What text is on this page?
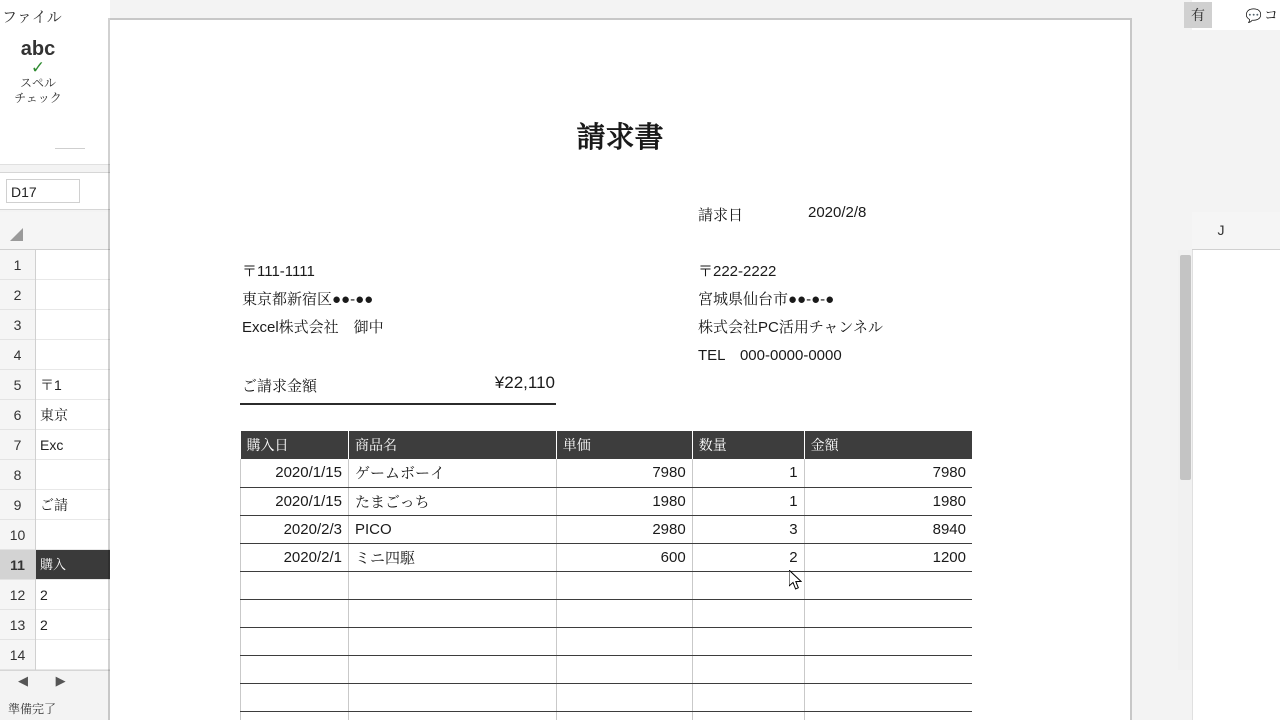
ファイル
abc
✓
スペル
チェック
D17
1
2
3
4
5
6
7
8
9
10
11
12
13
14
〒1
東京
Exc
ご請
購入
2
2
◀ ▶
準備完了
有	💬 コ
J
請求書
請求日	2020/2/8
〒111-1111
東京都新宿区●●-●●
Excel株式会社　御中
〒222-2222
宮城県仙台市●●-●-●
株式会社PC活用チャンネル
TEL　000-0000-0000
ご請求金額	¥22,110
購入日	商品名	単価	数量	金額
2020/1/15	ゲームボーイ	7980	1	7980
2020/1/15	たまごっち	1980	1	1980
2020/2/3	PICO	2980	3	8940
2020/2/1	ミニ四駆	600	2	1200
